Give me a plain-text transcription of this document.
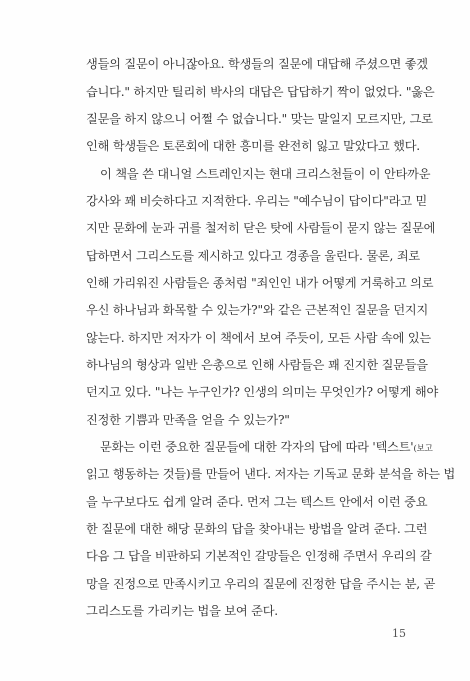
생들의 질문이 아니잖아요. 학생들의 질문에 대답해 주셨으면 좋겠
습니다." 하지만 틸리히 박사의 대답은 답답하기 짝이 없었다. "옳은
질문을 하지 않으니 어쩔 수 없습니다." 맞는 말일지 모르지만, 그로
인해 학생들은 토론회에 대한 흥미를 완전히 잃고 말았다고 했다.
이 책을 쓴 대니얼 스트레인지는 현대 크리스천들이 이 안타까운
강사와 꽤 비슷하다고 지적한다. 우리는 "예수님이 답이다"라고 믿
지만 문화에 눈과 귀를 철저히 닫은 탓에 사람들이 묻지 않는 질문에
답하면서 그리스도를 제시하고 있다고 경종을 울린다. 물론, 죄로
인해 가리워진 사람들은 종처럼 "죄인인 내가 어떻게 거룩하고 의로
우신 하나님과 화목할 수 있는가?"와 같은 근본적인 질문을 던지지
않는다. 하지만 저자가 이 책에서 보여 주듯이, 모든 사람 속에 있는
하나님의 형상과 일반 은총으로 인해 사람들은 꽤 진지한 질문들을
던지고 있다. "나는 누구인가? 인생의 의미는 무엇인가? 어떻게 해야
진정한 기쁨과 만족을 얻을 수 있는가?"
문화는 이런 중요한 질문들에 대한 각자의 답에 따라 '텍스트'(보고
읽고 행동하는 것들)를 만들어 낸다. 저자는 기독교 문화 분석을 하는 법
을 누구보다도 쉽게 알려 준다. 먼저 그는 텍스트 안에서 이런 중요
한 질문에 대한 해당 문화의 답을 찾아내는 방법을 알려 준다. 그런
다음 그 답을 비판하되 기본적인 갈망들은 인정해 주면서 우리의 갈
망을 진정으로 만족시키고 우리의 질문에 진정한 답을 주시는 분, 곧
그리스도를 가리키는 법을 보여 준다.
15
